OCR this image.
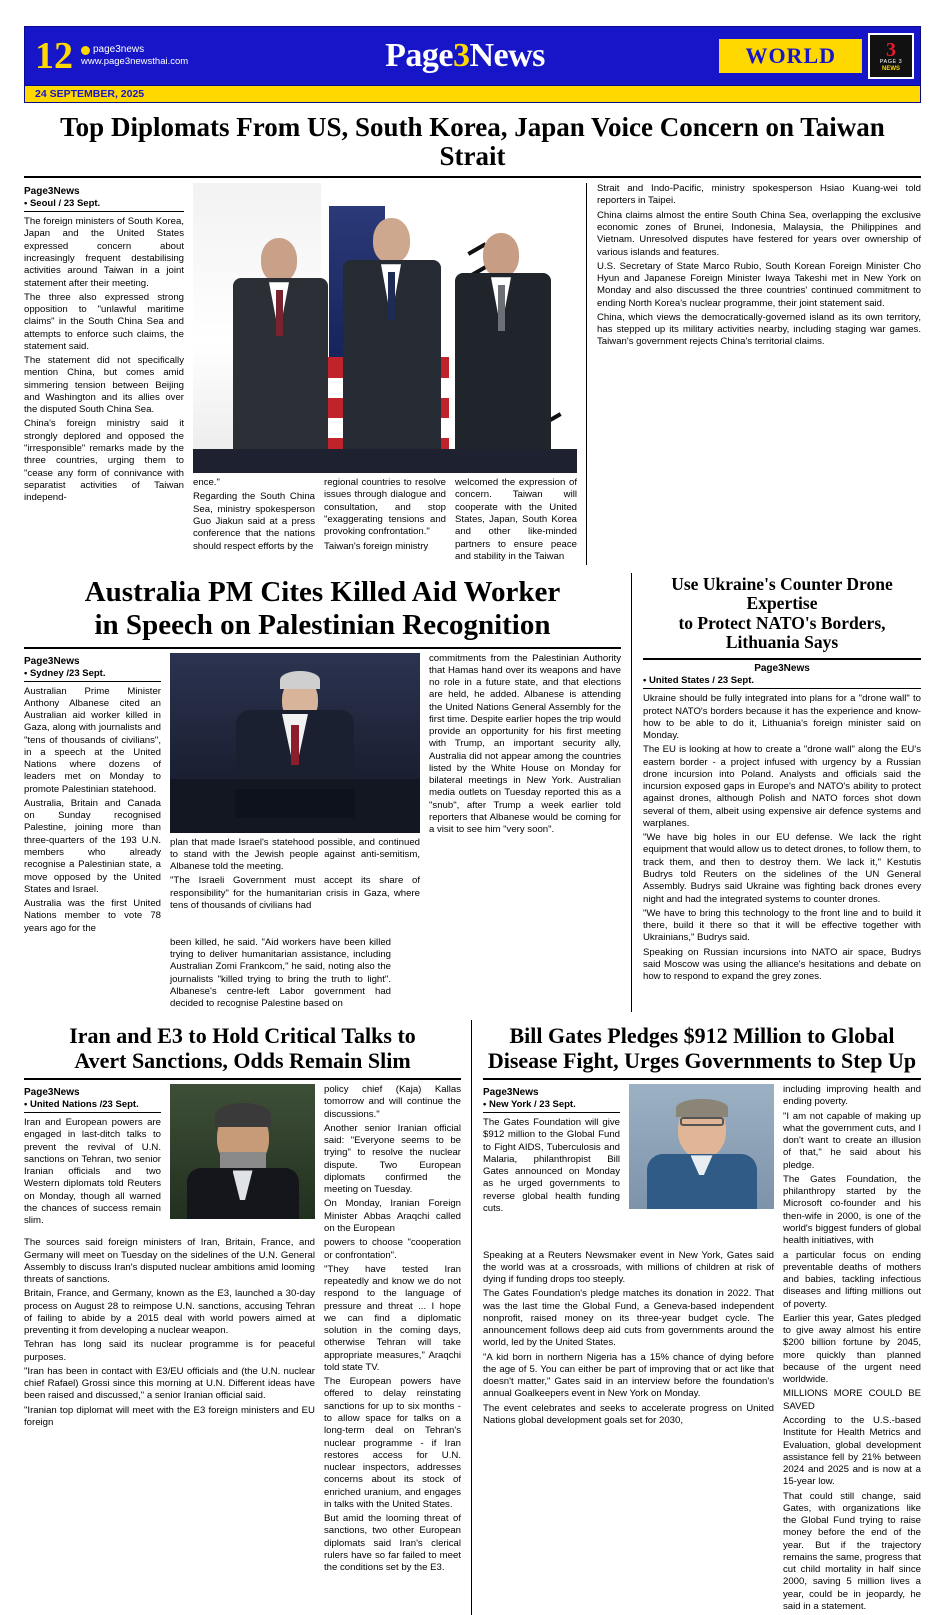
12 page3news
www.page3newsthai.com	Page3News	WORLD	3
PAGE 3
NEWS
24 SEPTEMBER, 2025
Top Diplomats From US, South Korea, Japan Voice Concern on Taiwan Strait
Page3News
• Seoul / 23 Sept.

The foreign ministers of South Korea, Japan and the United States expressed concern about increasingly frequent destabilising activities around Taiwan in a joint statement after their meeting.

The three also expressed strong opposition to "unlawful maritime claims" in the South China Sea and attempts to enforce such claims, the statement said.

The statement did not specifically mention China, but comes amid simmering tension between Beijing and Washington and its allies over the disputed South China Sea.

China's foreign ministry said it strongly deplored and opposed the "irresponsible" remarks made by the three countries, urging them to "cease any form of connivance with separatist activities of Taiwan independ-

ence."

Regarding the South China Sea, ministry spokesperson Guo Jiakun said at a press conference that the nations should respect efforts by the

regional countries to resolve issues through dialogue and consultation, and stop "exaggerating tensions and provoking confrontation."

Taiwan's foreign ministry

welcomed the expression of concern. Taiwan will cooperate with the United States, Japan, South Korea and other like-minded partners to ensure peace and stability in the Taiwan

Strait and Indo-Pacific, ministry spokesperson Hsiao Kuang-wei told reporters in Taipei.

China claims almost the entire South China Sea, overlapping the exclusive economic zones of Brunei, Indonesia, Malaysia, the Philippines and Vietnam. Unresolved disputes have festered for years over ownership of various islands and features.

U.S. Secretary of State Marco Rubio, South Korean Foreign Minister Cho Hyun and Japanese Foreign Minister Iwaya Takeshi met in New York on Monday and also discussed the three countries' continued commitment to ending North Korea's nuclear programme, their joint statement said.

China, which views the democratically-governed island as its own territory, has stepped up its military activities nearby, including staging war games. Taiwan's government rejects China's territorial claims.

Australia PM Cites Killed Aid Worker
in Speech on Palestinian Recognition
Page3News
• Sydney /23 Sept.

Australian Prime Minister Anthony Albanese cited an Australian aid worker killed in Gaza, along with journalists and "tens of thousands of civilians", in a speech at the United Nations where dozens of leaders met on Monday to promote Palestinian statehood.

Australia, Britain and Canada on Sunday recognised Palestine, joining more than three-quarters of the 193 U.N. members who already recognise a Palestinian state, a move opposed by the United States and Israel.

Australia was the first United Nations member to vote 78 years ago for the

plan that made Israel's statehood possible, and continued to stand with the Jewish people against anti-semitism, Albanese told the meeting.

"The Israeli Government must accept its share of responsibility" for the humanitarian crisis in Gaza, where tens of thousands of civilians had

commitments from the Palestinian Authority that Hamas hand over its weapons and have no role in a future state, and that elections are held, he added. Albanese is attending the United Nations General Assembly for the first time. Despite earlier hopes the trip would provide an opportunity for his first meeting with Trump, an important security ally, Australia did not appear among the countries listed by the White House on Monday for bilateral meetings in New York. Australian media outlets on Tuesday reported this as a "snub", after Trump a week earlier told reporters that Albanese would be coming for a visit to see him "very soon".

been killed, he said. "Aid workers have been killed trying to deliver humanitarian assistance, including Australian Zomi Frankcom," he said, noting also the journalists "killed trying to bring the truth to light". Albanese's centre-left Labor government had decided to recognise Palestine based on

Use Ukraine's Counter Drone Expertise
to Protect NATO's Borders, Lithuania Says
Page3News
• United States / 23 Sept.

Ukraine should be fully integrated into plans for a "drone wall" to protect NATO's borders because it has the experience and know-how to be able to do it, Lithuania's foreign minister said on Monday.

The EU is looking at how to create a "drone wall" along the EU's eastern border - a project infused with urgency by a Russian drone incursion into Poland. Analysts and officials said the incursion exposed gaps in Europe's and NATO's ability to protect against drones, although Polish and NATO forces shot down several of them, albeit using expensive air defence systems and warplanes.

"We have big holes in our EU defense. We lack the right equipment that would allow us to detect drones, to follow them, to track them, and then to destroy them. We lack it," Kestutis Budrys told Reuters on the sidelines of the UN General Assembly. Budrys said Ukraine was fighting back drones every night and had the integrated systems to counter drones.

"We have to bring this technology to the front line and to build it there, build it there so that it will be effective together with Ukrainians," Budrys said.

Speaking on Russian incursions into NATO air space, Budrys said Moscow was using the alliance's hesitations and debate on how to respond to expand the grey zones.

Iran and E3 to Hold Critical Talks to
Avert Sanctions, Odds Remain Slim
Page3News
• United Nations /23 Sept.

Iran and European powers are engaged in last-ditch talks to prevent the revival of U.N. sanctions on Tehran, two senior Iranian officials and two Western diplomats told Reuters on Monday, though all warned the chances of success remain slim.

policy chief (Kaja) Kallas tomorrow and will continue the discussions."

Another senior Iranian official said: "Everyone seems to be trying" to resolve the nuclear dispute. Two European diplomats confirmed the meeting on Tuesday.

On Monday, Iranian Foreign Minister Abbas Araqchi called on the European

The sources said foreign ministers of Iran, Britain, France, and Germany will meet on Tuesday on the sidelines of the U.N. General Assembly to discuss Iran's disputed nuclear ambitions amid looming threats of sanctions.

Britain, France, and Germany, known as the E3, launched a 30-day process on August 28 to reimpose U.N. sanctions, accusing Tehran of failing to abide by a 2015 deal with world powers aimed at preventing it from developing a nuclear weapon.

Tehran has long said its nuclear programme is for peaceful purposes.

"Iran has been in contact with E3/EU officials and (the U.N. nuclear chief Rafael) Grossi since this morning at U.N. Different ideas have been raised and discussed," a senior Iranian official said.

"Iranian top diplomat will meet with the E3 foreign ministers and EU foreign

powers to choose "cooperation or confrontation".

"They have tested Iran repeatedly and know we do not respond to the language of pressure and threat ... I hope we can find a diplomatic solution in the coming days, otherwise Tehran will take appropriate measures," Araqchi told state TV.

The European powers have offered to delay reinstating sanctions for up to six months - to allow space for talks on a long-term deal on Tehran's nuclear programme - if Iran restores access for U.N. nuclear inspectors, addresses concerns about its stock of enriched uranium, and engages in talks with the United States.

But amid the looming threat of sanctions, two other European diplomats said Iran's clerical rulers have so far failed to meet the conditions set by the E3.

Bill Gates Pledges $912 Million to Global
Disease Fight, Urges Governments to Step Up
Page3News
• New York / 23 Sept.

The Gates Foundation will give $912 million to the Global Fund to Fight AIDS, Tuberculosis and Malaria, philanthropist Bill Gates announced on Monday as he urged governments to reverse global health funding cuts.

including improving health and ending poverty.

"I am not capable of making up what the government cuts, and I don't want to create an illusion of that," he said about his pledge.

The Gates Foundation, the philanthropy started by the Microsoft co-founder and his then-wife in 2000, is one of the world's biggest funders of global health initiatives, with

Speaking at a Reuters Newsmaker event in New York, Gates said the world was at a crossroads, with millions of children at risk of dying if funding drops too steeply.

The Gates Foundation's pledge matches its donation in 2022. That was the last time the Global Fund, a Geneva-based independent nonprofit, raised money on its three-year budget cycle. The announcement follows deep aid cuts from governments around the world, led by the United States.

"A kid born in northern Nigeria has a 15% chance of dying before the age of 5. You can either be part of improving that or act like that doesn't matter," Gates said in an interview before the foundation's annual Goalkeepers event in New York on Monday.

The event celebrates and seeks to accelerate progress on United Nations global development goals set for 2030,

a particular focus on ending preventable deaths of mothers and babies, tackling infectious diseases and lifting millions out of poverty.

Earlier this year, Gates pledged to give away almost his entire $200 billion fortune by 2045, more quickly than planned because of the urgent need worldwide.

MILLIONS MORE COULD BE SAVED

According to the U.S.-based Institute for Health Metrics and Evaluation, global development assistance fell by 21% between 2024 and 2025 and is now at a 15-year low.

That could still change, said Gates, with organizations like the Global Fund trying to raise money before the end of the year. But if the trajectory remains the same, progress that cut child mortality in half since 2000, saving 5 million lives a year, could be in jeopardy, he said in a statement.
